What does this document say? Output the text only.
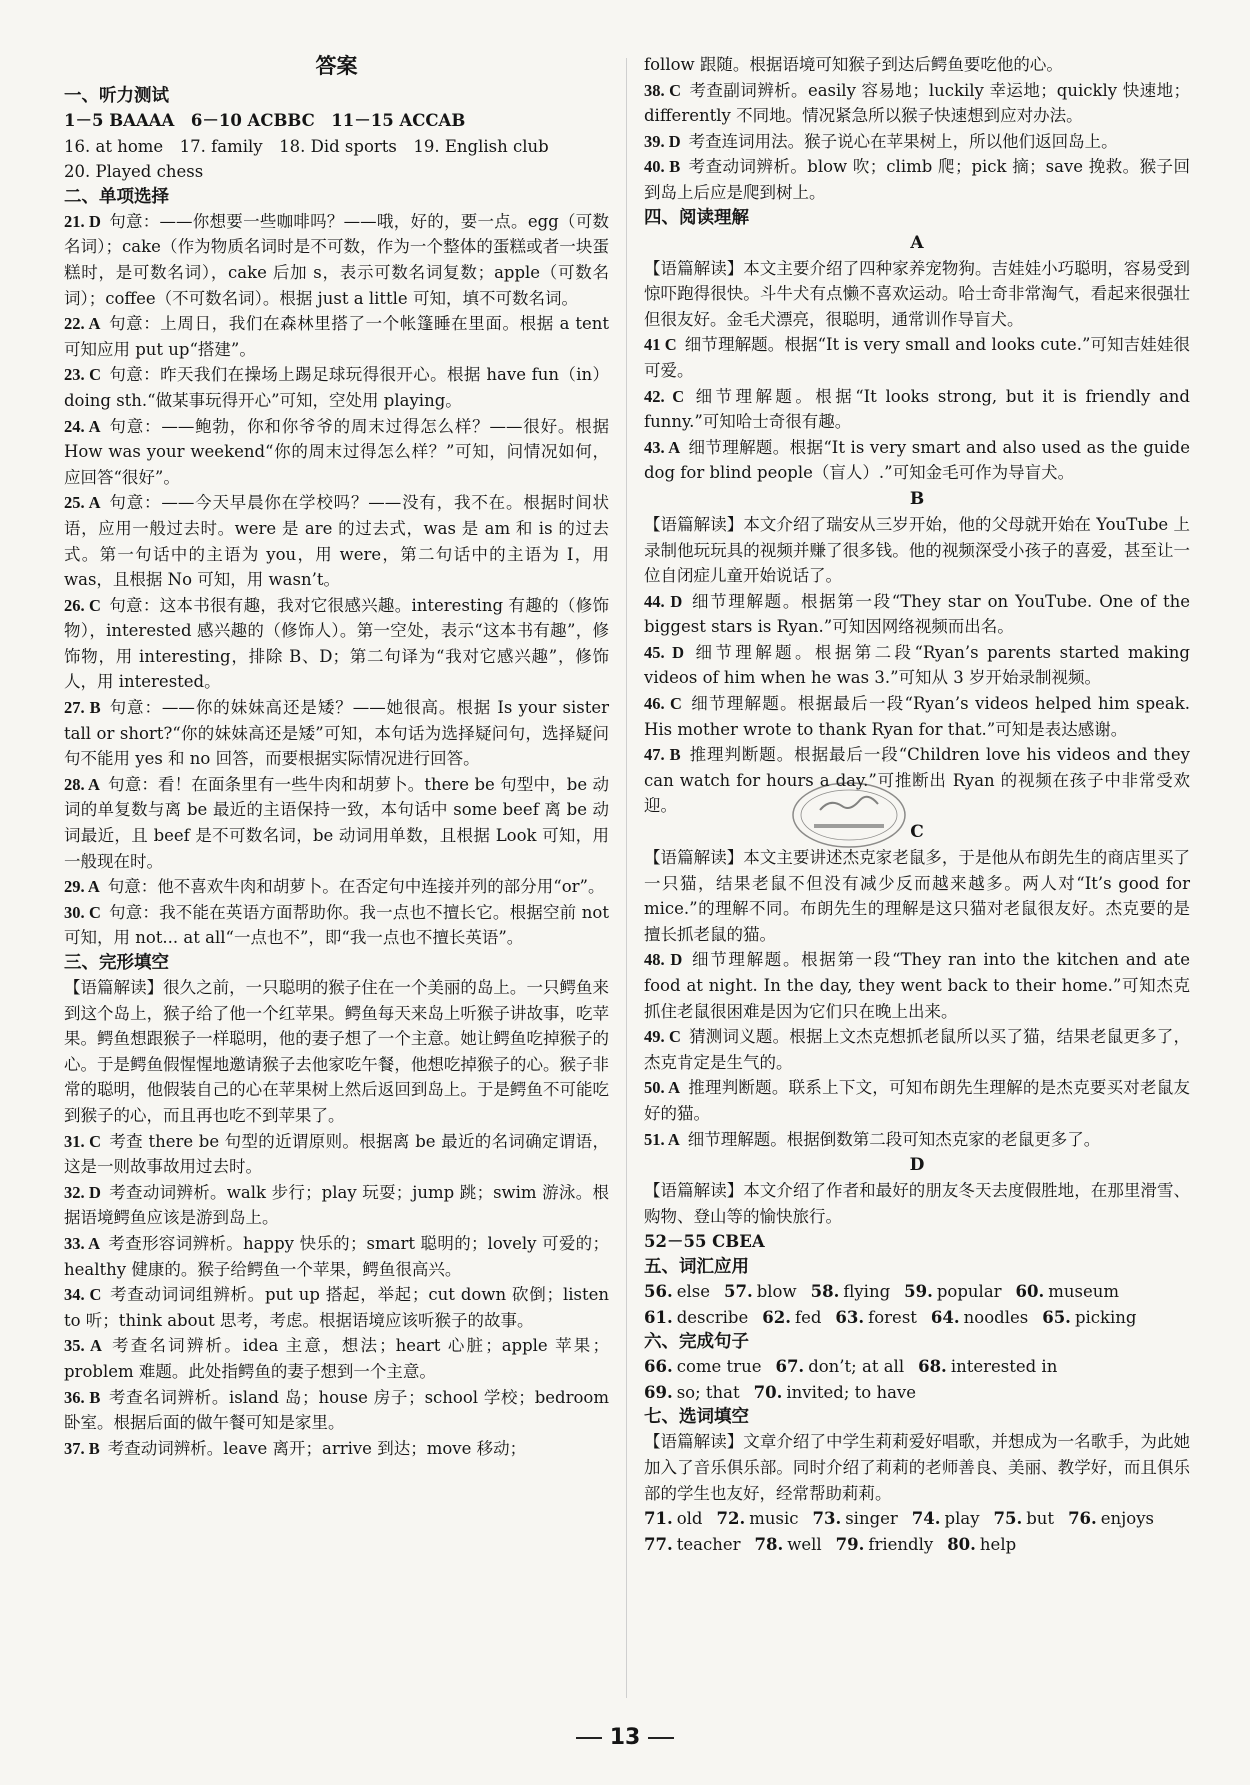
答案
一、听力测试
1－5 BAAAA　6－10 ACBBC　11－15 ACCAB
16. at home　17. family　18. Did sports　19. English club
20. Played chess
二、单项选择
21. D 句意：——你想要一些咖啡吗？——哦，好的，要一点。egg（可数名词）；cake（作为物质名词时是不可数，作为一个整体的蛋糕或者一块蛋糕时，是可数名词），cake 后加 s，表示可数名词复数；apple（可数名词）；coffee（不可数名词）。根据 just a little 可知，填不可数名词。
22. A 句意：上周日，我们在森林里搭了一个帐篷睡在里面。根据 a tent 可知应用 put up“搭建”。
23. C 句意：昨天我们在操场上踢足球玩得很开心。根据 have fun（in）doing sth.“做某事玩得开心”可知，空处用 playing。
24. A 句意：——鲍勃，你和你爷爷的周末过得怎么样？——很好。根据 How was your weekend“你的周末过得怎么样？”可知，问情况如何，应回答“很好”。
25. A 句意：——今天早晨你在学校吗？——没有，我不在。根据时间状语，应用一般过去时。were 是 are 的过去式，was 是 am 和 is 的过去式。第一句话中的主语为 you，用 were，第二句话中的主语为 I，用 was，且根据 No 可知，用 wasn’t。
26. C 句意：这本书很有趣，我对它很感兴趣。interesting 有趣的（修饰物），interested 感兴趣的（修饰人）。第一空处，表示“这本书有趣”，修饰物，用 interesting，排除 B、D；第二句译为“我对它感兴趣”，修饰人，用 interested。
27. B 句意：——你的妹妹高还是矮？——她很高。根据 Is your sister tall or short?“你的妹妹高还是矮”可知，本句话为选择疑问句，选择疑问句不能用 yes 和 no 回答，而要根据实际情况进行回答。
28. A 句意：看！在面条里有一些牛肉和胡萝卜。there be 句型中，be 动词的单复数与离 be 最近的主语保持一致，本句话中 some beef 离 be 动词最近，且 beef 是不可数名词，be 动词用单数，且根据 Look 可知，用一般现在时。
29. A 句意：他不喜欢牛肉和胡萝卜。在否定句中连接并列的部分用“or”。
30. C 句意：我不能在英语方面帮助你。我一点也不擅长它。根据空前 not 可知，用 not... at all“一点也不”，即“我一点也不擅长英语”。
三、完形填空
【语篇解读】很久之前，一只聪明的猴子住在一个美丽的岛上。一只鳄鱼来到这个岛上，猴子给了他一个红苹果。鳄鱼每天来岛上听猴子讲故事，吃苹果。鳄鱼想跟猴子一样聪明，他的妻子想了一个主意。她让鳄鱼吃掉猴子的心。于是鳄鱼假惺惺地邀请猴子去他家吃午餐，他想吃掉猴子的心。猴子非常的聪明，他假装自己的心在苹果树上然后返回到岛上。于是鳄鱼不可能吃到猴子的心，而且再也吃不到苹果了。
31. C 考查 there be 句型的近谓原则。根据离 be 最近的名词确定谓语，这是一则故事故用过去时。
32. D 考查动词辨析。walk 步行；play 玩耍；jump 跳；swim 游泳。根据语境鳄鱼应该是游到岛上。
33. A 考查形容词辨析。happy 快乐的；smart 聪明的；lovely 可爱的；healthy 健康的。猴子给鳄鱼一个苹果，鳄鱼很高兴。
34. C 考查动词词组辨析。put up 搭起，举起；cut down 砍倒；listen to 听；think about 思考，考虑。根据语境应该听猴子的故事。
35. A 考查名词辨析。idea 主意，想法；heart 心脏；apple 苹果；problem 难题。此处指鳄鱼的妻子想到一个主意。
36. B 考查名词辨析。island 岛；house 房子；school 学校；bedroom 卧室。根据后面的做午餐可知是家里。
37. B 考查动词辨析。leave 离开；arrive 到达；move 移动；
follow 跟随。根据语境可知猴子到达后鳄鱼要吃他的心。
38. C 考查副词辨析。easily 容易地；luckily 幸运地；quickly 快速地；differently 不同地。情况紧急所以猴子快速想到应对办法。
39. D 考查连词用法。猴子说心在苹果树上，所以他们返回岛上。
40. B 考查动词辨析。blow 吹；climb 爬；pick 摘；save 挽救。猴子回到岛上后应是爬到树上。
四、阅读理解
A
【语篇解读】本文主要介绍了四种家养宠物狗。吉娃娃小巧聪明，容易受到惊吓跑得很快。斗牛犬有点懒不喜欢运动。哈士奇非常淘气，看起来很强壮但很友好。金毛犬漂亮，很聪明，通常训作导盲犬。
41 C 细节理解题。根据“It is very small and looks cute.”可知吉娃娃很可爱。
42. C 细节理解题。根据“It looks strong, but it is friendly and funny.”可知哈士奇很有趣。
43. A 细节理解题。根据“It is very smart and also used as the guide dog for blind people（盲人）.”可知金毛可作为导盲犬。
B
【语篇解读】本文介绍了瑞安从三岁开始，他的父母就开始在 YouTube 上录制他玩玩具的视频并赚了很多钱。他的视频深受小孩子的喜爱，甚至让一位自闭症儿童开始说话了。
44. D 细节理解题。根据第一段“They star on YouTube. One of the biggest stars is Ryan.”可知因网络视频而出名。
45. D 细节理解题。根据第二段“Ryan’s parents started making videos of him when he was 3.”可知从 3 岁开始录制视频。
46. C 细节理解题。根据最后一段“Ryan’s videos helped him speak. His mother wrote to thank Ryan for that.”可知是表达感谢。
47. B 推理判断题。根据最后一段“Children love his videos and they can watch for hours a day.”可推断出 Ryan 的视频在孩子中非常受欢迎。
C
【语篇解读】本文主要讲述杰克家老鼠多，于是他从布朗先生的商店里买了一只猫，结果老鼠不但没有减少反而越来越多。两人对“It’s good for mice.”的理解不同。布朗先生的理解是这只猫对老鼠很友好。杰克要的是擅长抓老鼠的猫。
48. D 细节理解题。根据第一段“They ran into the kitchen and ate food at night. In the day, they went back to their home.”可知杰克抓住老鼠很困难是因为它们只在晚上出来。
49. C 猜测词义题。根据上文杰克想抓老鼠所以买了猫，结果老鼠更多了，杰克肯定是生气的。
50. A 推理判断题。联系上下文，可知布朗先生理解的是杰克要买对老鼠友好的猫。
51. A 细节理解题。根据倒数第二段可知杰克家的老鼠更多了。
D
【语篇解读】本文介绍了作者和最好的朋友冬天去度假胜地，在那里滑雪、购物、登山等的愉快旅行。
52－55 CBEA
五、词汇应用
56. else 57. blow 58. flying 59. popular 60. museum
61. describe 62. fed 63. forest 64. noodles 65. picking
六、完成句子
66. come true 67. don’t; at all 68. interested in
69. so; that 70. invited; to have
七、选词填空
【语篇解读】文章介绍了中学生莉莉爱好唱歌，并想成为一名歌手，为此她加入了音乐俱乐部。同时介绍了莉莉的老师善良、美丽、教学好，而且俱乐部的学生也友好，经常帮助莉莉。
71. old 72. music 73. singer 74. play 75. but 76. enjoys
77. teacher 78. well 79. friendly 80. help
13
